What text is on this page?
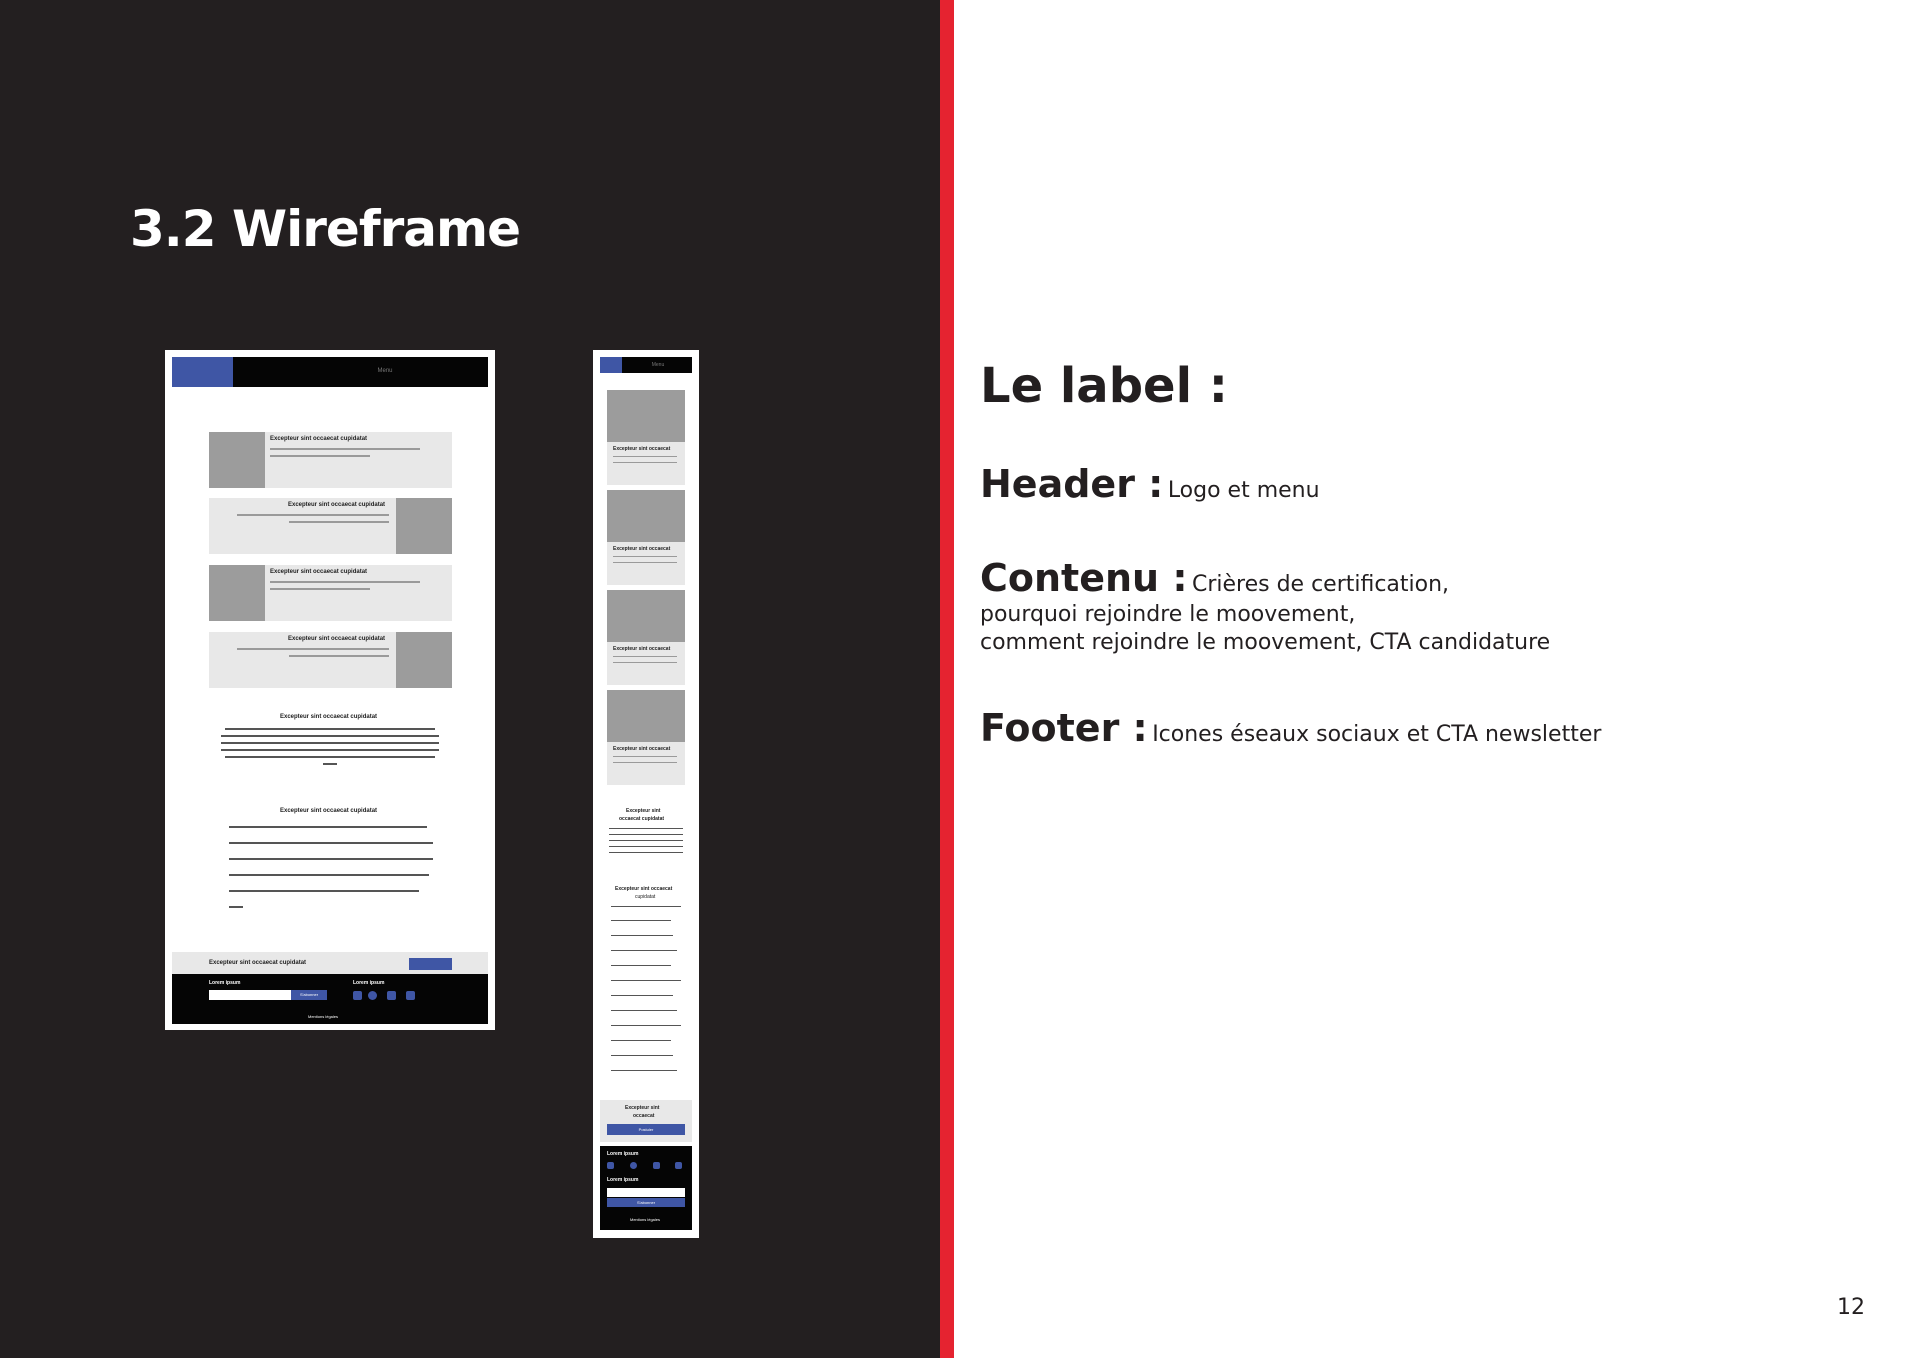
3.2 Wireframe
Menu
Excepteur sint occaecat cupidatat
Excepteur sint occaecat cupidatat
Excepteur sint occaecat cupidatat
Excepteur sint occaecat cupidatat
Excepteur sint occaecat cupidatat
Excepteur sint occaecat cupidatat
Excepteur sint occaecat cupidatat
Lorem ipsum
S'abonner
Lorem ipsum
Mentions légales
Menu
Excepteur sint occaecat
Excepteur sint occaecat
Excepteur sint occaecat
Excepteur sint occaecat
Excepteur sint
occaecat cupidatat
Excepteur sint occaecat
cupidatat
Excepteur sint
occaecat
Postuler
Lorem ipsum
Lorem ipsum
S'abonner
Mentions légales
Le label :
Header : Logo et menu
Contenu : Crières de certification,
pourquoi rejoindre le moovement,
comment rejoindre le moovement, CTA candidature
Footer : Icones éseaux sociaux et CTA newsletter
12
